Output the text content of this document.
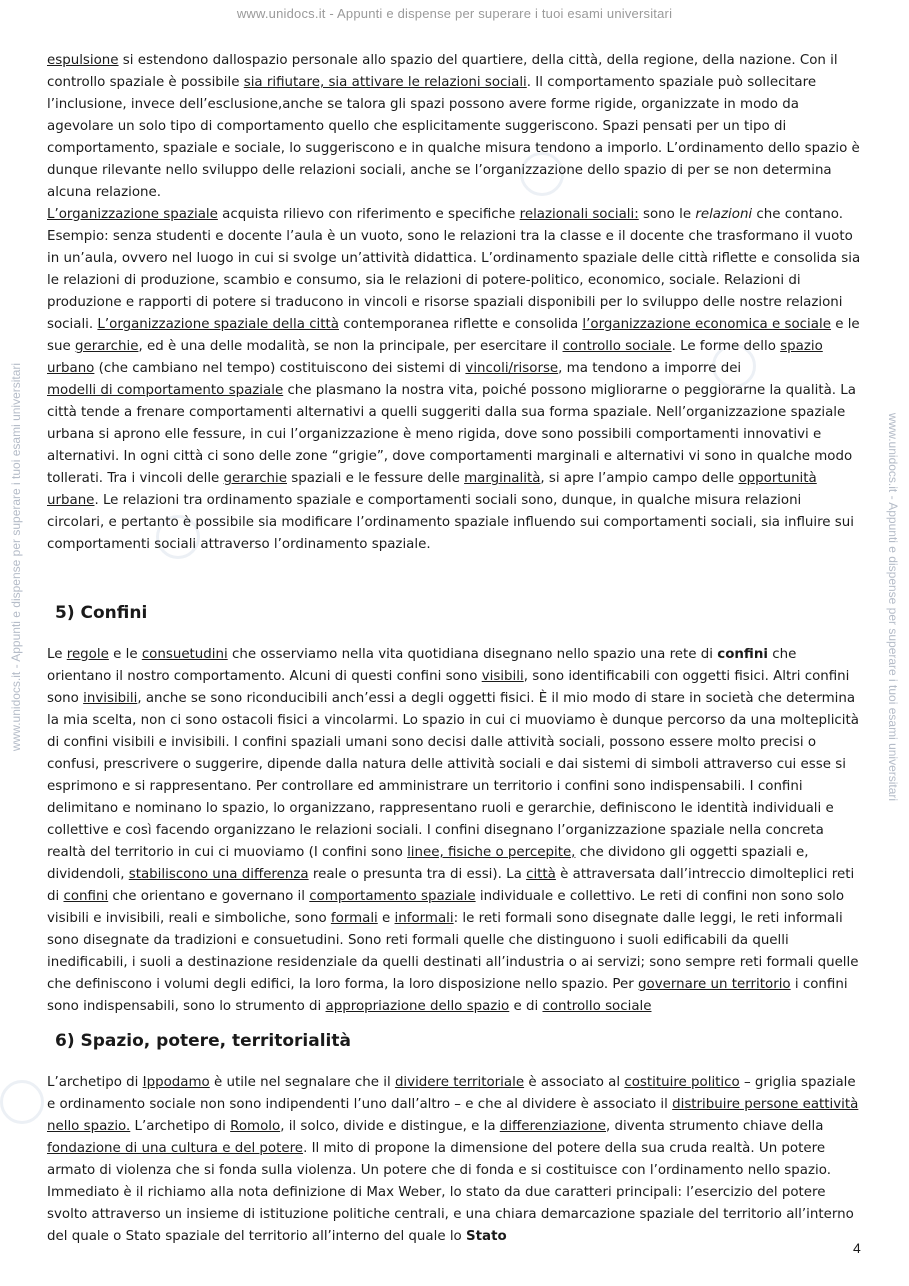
www.unidocs.it - Appunti e dispense per superare i tuoi esami universitari
www.unidocs.it - Appunti e dispense per superare i tuoi esami universitari	www.unidocs.it - Appunti e dispense per superare i tuoi esami universitari

espulsione si estendono dallospazio personale allo spazio del quartiere, della città, della regione, della nazione. Con il controllo spaziale è possibile sia rifiutare, sia attivare le relazioni sociali. Il comportamento spaziale può sollecitare l’inclusione, invece dell’esclusione,anche se talora gli spazi possono avere forme rigide, organizzate in modo da agevolare un solo tipo di comportamento quello che esplicitamente suggeriscono. Spazi pensati per un tipo di comportamento, spaziale e sociale, lo suggeriscono e in qualche misura tendono a imporlo. L’ordinamento dello spazio è dunque rilevante nello sviluppo delle relazioni sociali, anche se l’organizzazione dello spazio di per se non determina alcuna relazione.

L’organizzazione spaziale acquista rilievo con riferimento e specifiche relazionali sociali: sono le relazioni che contano. Esempio: senza studenti e docente l’aula è un vuoto, sono le relazioni tra la classe e il docente che trasformano il vuoto in un’aula, ovvero nel luogo in cui si svolge un’attività didattica. L’ordinamento spaziale delle città riflette e consolida sia le relazioni di produzione, scambio e consumo, sia le relazioni di potere-politico, economico, sociale. Relazioni di produzione e rapporti di potere si traducono in vincoli e risorse spaziali disponibili per lo sviluppo delle nostre relazioni sociali. L’organizzazione spaziale della città contemporanea riflette e consolida l’organizzazione economica e sociale e le sue gerarchie, ed è una delle modalità, se non la principale, per esercitare il controllo sociale. Le forme dello spazio urbano (che cambiano nel tempo) costituiscono dei sistemi di vincoli/risorse, ma tendono a imporre dei

modelli di comportamento spaziale che plasmano la nostra vita, poiché possono migliorarne o peggiorarne la qualità. La città tende a frenare comportamenti alternativi a quelli suggeriti dalla sua forma spaziale. Nell’organizzazione spaziale urbana si aprono elle fessure, in cui l’organizzazione è meno rigida, dove sono possibili comportamenti innovativi e alternativi. In ogni città ci sono delle zone “grigie”, dove comportamenti marginali e alternativi vi sono in qualche modo tollerati. Tra i vincoli delle gerarchie spaziali e le fessure delle marginalità, si apre l’ampio campo delle opportunità urbane. Le relazioni tra ordinamento spaziale e comportamenti sociali sono, dunque, in qualche misura relazioni circolari, e pertanto è possibile sia modificare l’ordinamento spaziale influendo sui comportamenti sociali, sia influire sui comportamenti sociali attraverso l’ordinamento spaziale.

5) Confini

Le regole e le consuetudini che osserviamo nella vita quotidiana disegnano nello spazio una rete di confini che orientano il nostro comportamento. Alcuni di questi confini sono visibili, sono identificabili con oggetti fisici. Altri confini sono invisibili, anche se sono riconducibili anch’essi a degli oggetti fisici. È il mio modo di stare in società che determina la mia scelta, non ci sono ostacoli fisici a vincolarmi. Lo spazio in cui ci muoviamo è dunque percorso da una molteplicità di confini visibili e invisibili. I confini spaziali umani sono decisi dalle attività sociali, possono essere molto precisi o confusi, prescrivere o suggerire, dipende dalla natura delle attività sociali e dai sistemi di simboli attraverso cui esse si esprimono e si rappresentano. Per controllare ed amministrare un territorio i confini sono indispensabili. I confini delimitano e nominano lo spazio, lo organizzano, rappresentano ruoli e gerarchie, definiscono le identità individuali e collettive e così facendo organizzano le relazioni sociali. I confini disegnano l’organizzazione spaziale nella concreta realtà del territorio in cui ci muoviamo (I confini sono linee, fisiche o percepite, che dividono gli oggetti spaziali e, dividendoli, stabiliscono una differenza reale o presunta tra di essi). La città è attraversata dall’intreccio dimolteplici reti di confini che orientano e governano il comportamento spaziale individuale e collettivo. Le reti di confini non sono solo visibili e invisibili, reali e simboliche, sono formali e informali: le reti formali sono disegnate dalle leggi, le reti informali sono disegnate da tradizioni e consuetudini. Sono reti formali quelle che distinguono i suoli edificabili da quelli inedificabili, i suoli a destinazione residenziale da quelli destinati all’industria o ai servizi; sono sempre reti formali quelle che definiscono i volumi degli edifici, la loro forma, la loro disposizione nello spazio. Per governare un territorio i confini sono indispensabili, sono lo strumento di appropriazione dello spazio e di controllo sociale

6) Spazio, potere, territorialità

L’archetipo di Ippodamo è utile nel segnalare che il dividere territoriale è associato al costituire politico – griglia spaziale e ordinamento sociale non sono indipendenti l’uno dall’altro – e che al dividere è associato il distribuire persone eattività nello spazio. L’archetipo di Romolo, il solco, divide e distingue, e la differenziazione, diventa strumento chiave della fondazione di una cultura e del potere. Il mito di propone la dimensione del potere della sua cruda realtà. Un potere armato di violenza che si fonda sulla violenza. Un potere che di fonda e si costituisce con l’ordinamento nello spazio. Immediato è il richiamo alla nota definizione di Max Weber, lo stato da due caratteri principali: l’esercizio del potere svolto attraverso un insieme di istituzione politiche centrali, e una chiara demarcazione spaziale del territorio all’interno del quale o Stato spaziale del territorio all’interno del quale lo Stato

4
